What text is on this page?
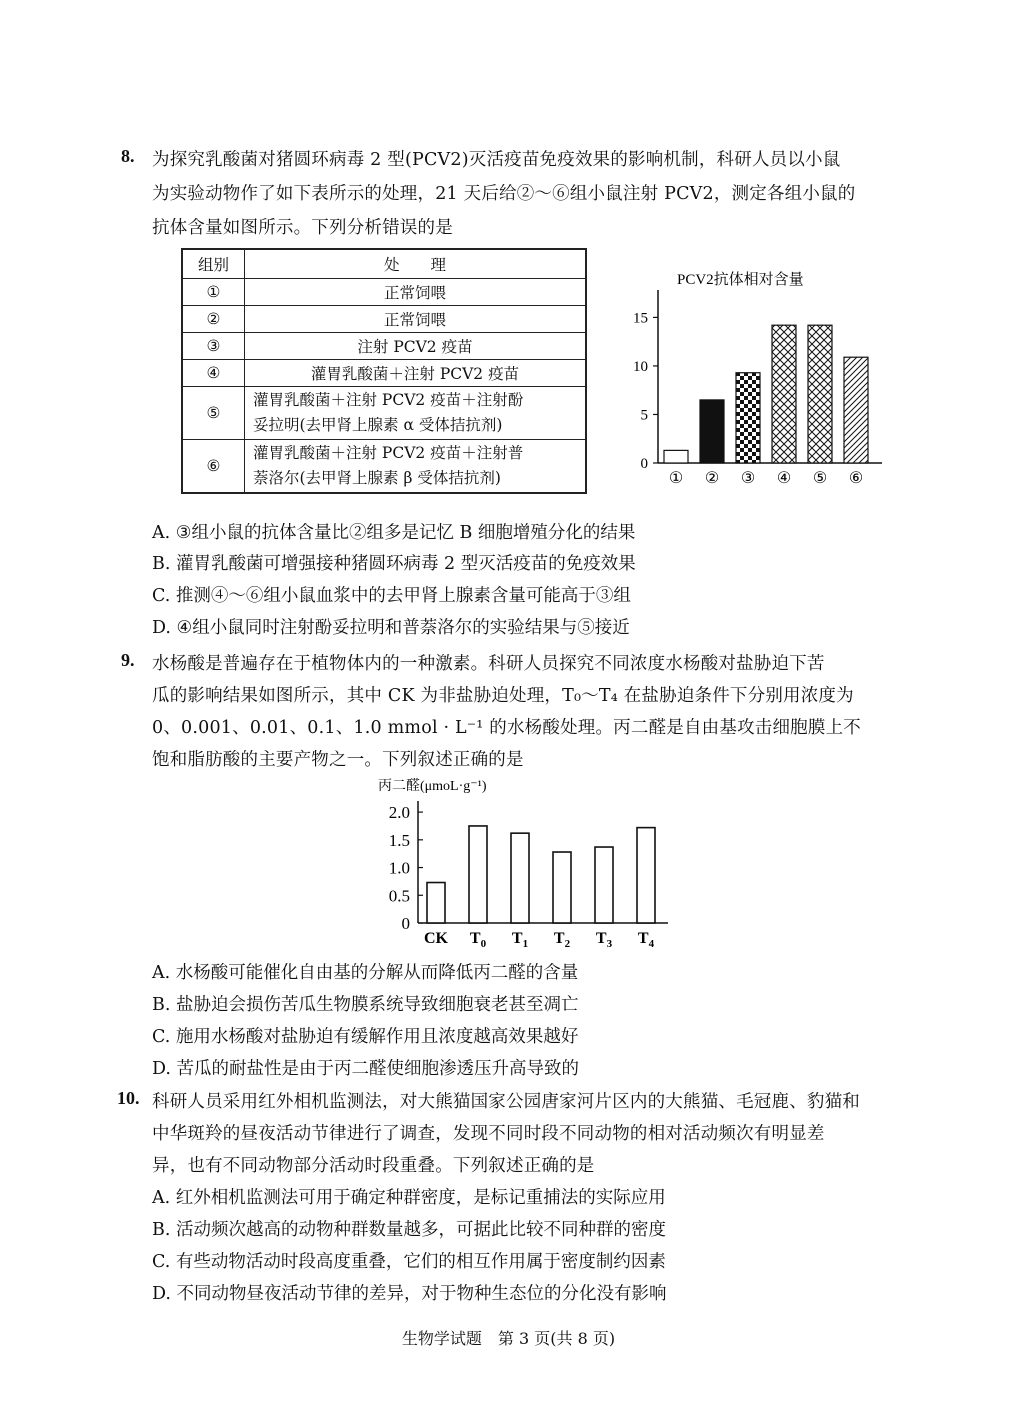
8. 为探究乳酸菌对猪圆环病毒 2 型(PCV2)灭活疫苗免疫效果的影响机制，科研人员以小鼠
为实验动物作了如下表所示的处理，21 天后给②～⑥组小鼠注射 PCV2，测定各组小鼠的
抗体含量如图所示。下列分析错误的是
组别	处　　理
①	正常饲喂
②	正常饲喂
③	注射 PCV2 疫苗
④	灌胃乳酸菌＋注射 PCV2 疫苗
⑤	灌胃乳酸菌＋注射 PCV2 疫苗＋注射酚
妥拉明(去甲肾上腺素 α 受体拮抗剂)

⑥	灌胃乳酸菌＋注射 PCV2 疫苗＋注射普
萘洛尔(去甲肾上腺素 β 受体拮抗剂)
PCV2抗体相对含量
0
5
10
15
① ② ③ ④ ⑤ ⑥
A. ③组小鼠的抗体含量比②组多是记忆 B 细胞增殖分化的结果
B. 灌胃乳酸菌可增强接种猪圆环病毒 2 型灭活疫苗的免疫效果
C. 推测④～⑥组小鼠血浆中的去甲肾上腺素含量可能高于③组
D. ④组小鼠同时注射酚妥拉明和普萘洛尔的实验结果与⑤接近
9. 水杨酸是普遍存在于植物体内的一种激素。科研人员探究不同浓度水杨酸对盐胁迫下苦
瓜的影响结果如图所示，其中 CK 为非盐胁迫处理，T₀～T₄ 在盐胁迫条件下分别用浓度为
0、0.001、0.01、0.1、1.0 mmol · L⁻¹ 的水杨酸处理。丙二醛是自由基攻击细胞膜上不
饱和脂肪酸的主要产物之一。下列叙述正确的是
丙二醛(μmoL·g⁻¹)
0
0.5
1.0
1.5
2.0
CK $T_0$ $T_1$ $T_2$ $T_3$ $T_4$
A. 水杨酸可能催化自由基的分解从而降低丙二醛的含量
B. 盐胁迫会损伤苦瓜生物膜系统导致细胞衰老甚至凋亡
C. 施用水杨酸对盐胁迫有缓解作用且浓度越高效果越好
D. 苦瓜的耐盐性是由于丙二醛使细胞渗透压升高导致的
10. 科研人员采用红外相机监测法，对大熊猫国家公园唐家河片区内的大熊猫、毛冠鹿、豹猫和
中华斑羚的昼夜活动节律进行了调查，发现不同时段不同动物的相对活动频次有明显差
异，也有不同动物部分活动时段重叠。下列叙述正确的是
A. 红外相机监测法可用于确定种群密度，是标记重捕法的实际应用
B. 活动频次越高的动物种群数量越多，可据此比较不同种群的密度
C. 有些动物活动时段高度重叠，它们的相互作用属于密度制约因素
D. 不同动物昼夜活动节律的差异，对于物种生态位的分化没有影响
生物学试题　第 3 页(共 8 页)
